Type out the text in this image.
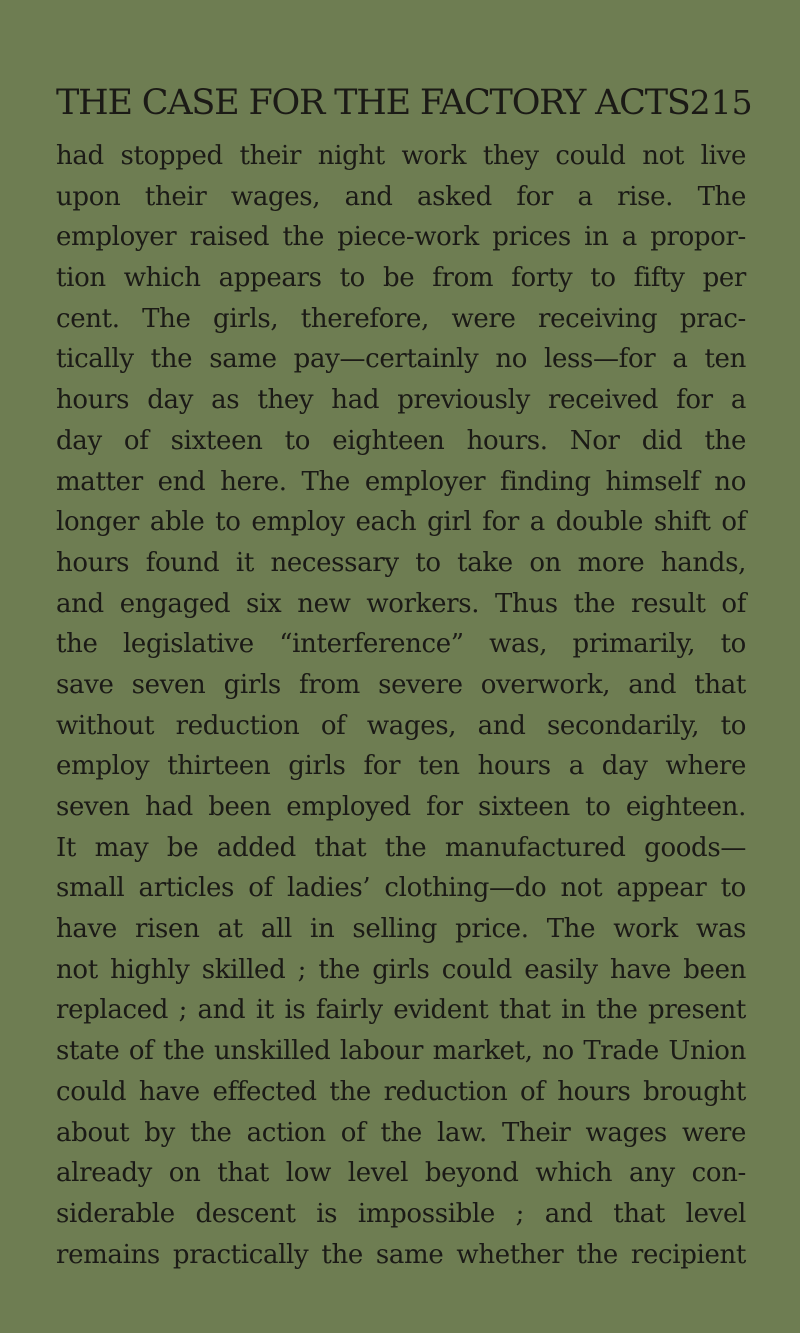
THE CASE FOR THE FACTORY ACTS 215
had stopped their night work they could not live
upon their wages, and asked for a rise. The
employer raised the piece-work prices in a propor-
tion which appears to be from forty to fifty per
cent. The girls, therefore, were receiving prac-
tically the same pay—certainly no less—for a ten
hours day as they had previously received for a
day of sixteen to eighteen hours. Nor did the
matter end here. The employer finding himself no
longer able to employ each girl for a double shift of
hours found it necessary to take on more hands,
and engaged six new workers. Thus the result of
the legislative “interference” was, primarily, to
save seven girls from severe overwork, and that
without reduction of wages, and secondarily, to
employ thirteen girls for ten hours a day where
seven had been employed for sixteen to eighteen.
It may be added that the manufactured goods—
small articles of ladies’ clothing—do not appear to
have risen at all in selling price. The work was
not highly skilled ; the girls could easily have been
replaced ; and it is fairly evident that in the present
state of the unskilled labour market, no Trade Union
could have effected the reduction of hours brought
about by the action of the law. Their wages were
already on that low level beyond which any con-
siderable descent is impossible ; and that level
remains practically the same whether the recipient
